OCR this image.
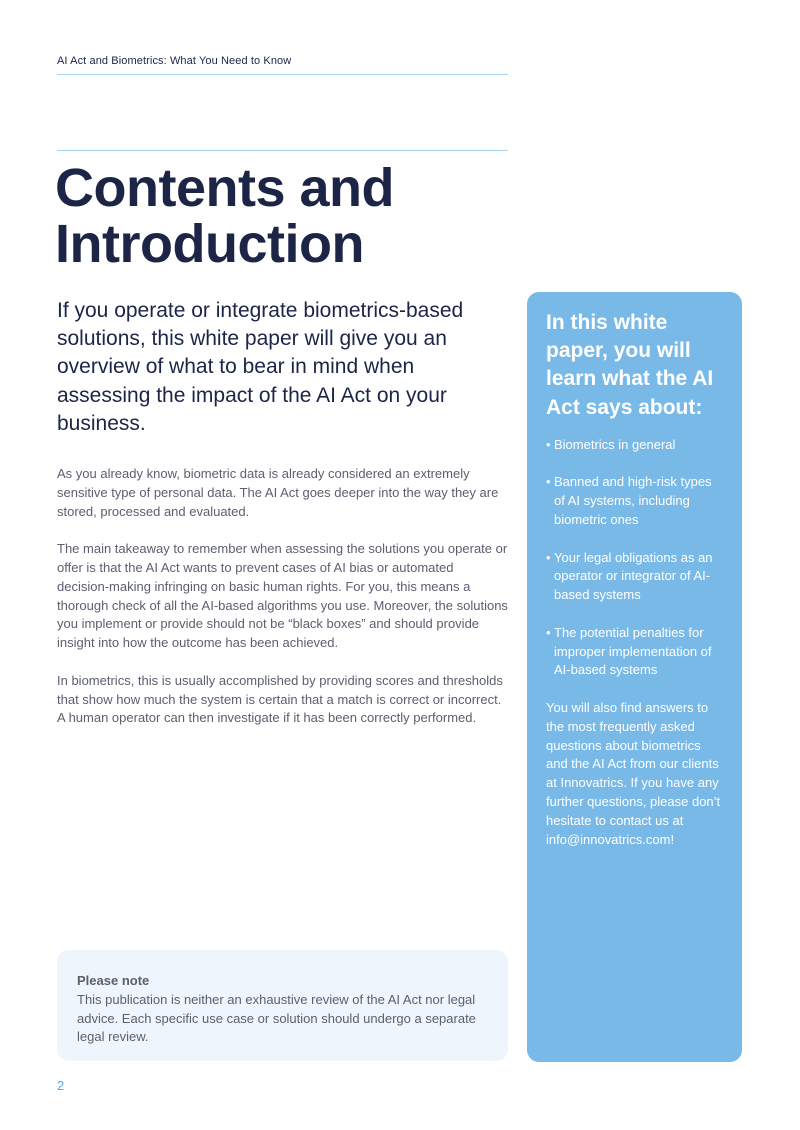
AI Act and Biometrics: What You Need to Know
Contents and
Introduction

If you operate or integrate biometrics-based solutions, this white paper will give you an overview of what to bear in mind when assessing the impact of the AI Act on your business.

As you already know, biometric data is already considered an extremely sensitive type of personal data. The AI Act goes deeper into the way they are stored, processed and evaluated.

The main takeaway to remember when assessing the solutions you operate or offer is that the AI Act wants to prevent cases of AI bias or automated decision-making infringing on basic human rights. For you, this means a thorough check of all the AI-based algorithms you use. Moreover, the solutions you implement or provide should not be “black boxes” and should provide insight into how the outcome has been achieved.

In biometrics, this is usually accomplished by providing scores and thresholds that show how much the system is certain that a match is correct or incorrect. A human operator can then investigate if it has been correctly performed.

In this white paper, you will learn what the AI Act says about:
• Biometrics in general
• Banned and high-risk types of AI systems, including biometric ones
• Your legal obligations as an operator or integrator of AI-based systems
• The potential penalties for improper implementation of AI-based systems

You will also find answers to the most frequently asked questions about biometrics and the AI Act from our clients at Innovatrics. If you have any further questions, please don’t hesitate to contact us at info@innovatrics.com!

Please note
This publication is neither an exhaustive review of the AI Act nor legal advice. Each specific use case or solution should undergo a separate legal review.
2
